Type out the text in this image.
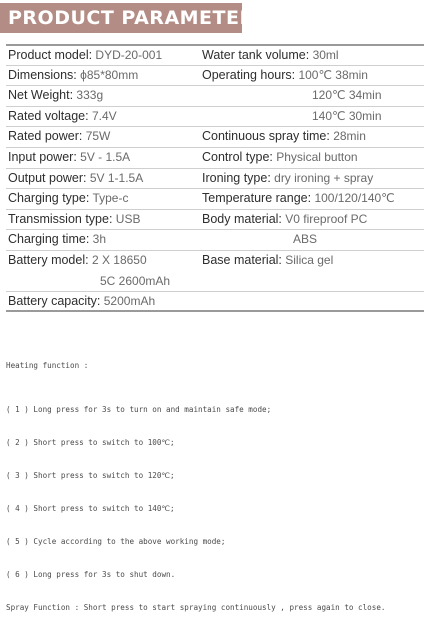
PRODUCT PARAMETERS
Product model: DYD-20-001	Water tank volume: 30ml
Dimensions: ϕ85*80mm	Operating hours: 100℃ 38min
Net Weight: 333g	120℃ 34min
Rated voltage: 7.4V	140℃ 30min
Rated power: 75W	Continuous spray time: 28min
Input power: 5V - 1.5A	Control type: Physical button
Output power: 5V 1-1.5A	Ironing type: dry ironing + spray
Charging type: Type-c	Temperature range: 100/120/140℃
Transmission type: USB	Body material: V0 fireproof PC
Charging time: 3h	ABS
Battery model: 2 X 18650	Base material: Silica gel
5C 2600mAh
Battery capacity: 5200mAh

Heating function :

( 1 ) Long press for 3s to turn on and maintain safe mode;

( 2 ) Short press to switch to 100℃;

( 3 ) Short press to switch to 120℃;

( 4 ) Short press to switch to 140℃;

( 5 ) Cycle according to the above working mode;

( 6 ) Long press for 3s to shut down.

Spray Function : Short press to start spraying continuously , press again to close.
